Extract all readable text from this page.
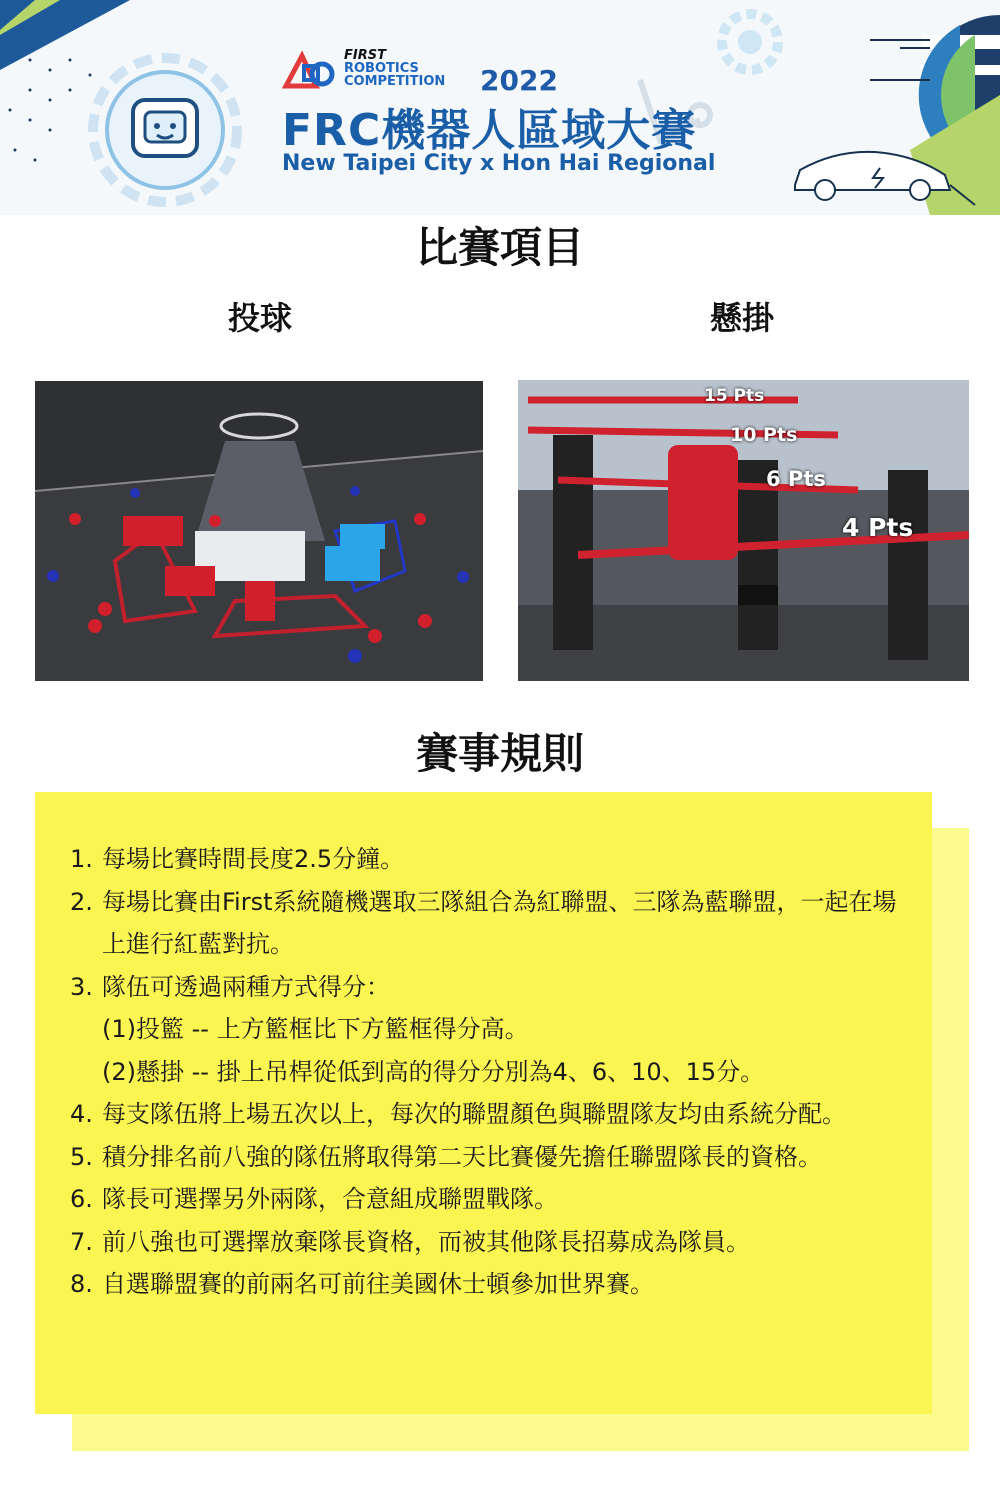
FIRST
ROBOTICS
COMPETITION 2022
FRC機器人區域大賽
New Taipei City x Hon Hai Regional
比賽項目
投球	懸掛
15 Pts
10 Pts
6 Pts
4 Pts
賽事規則
1. 每場比賽時間長度2.5分鐘。
2. 每場比賽由First系統隨機選取三隊組合為紅聯盟、三隊為藍聯盟，一起在場上進行紅藍對抗。
3. 隊伍可透過兩種方式得分：
(1)投籃 -- 上方籃框比下方籃框得分高。
(2)懸掛 -- 掛上吊桿從低到高的得分分別為4、6、10、15分。
4. 每支隊伍將上場五次以上，每次的聯盟顏色與聯盟隊友均由系統分配。
5. 積分排名前八強的隊伍將取得第二天比賽優先擔任聯盟隊長的資格。
6. 隊長可選擇另外兩隊，合意組成聯盟戰隊。
7. 前八強也可選擇放棄隊長資格，而被其他隊長招募成為隊員。
8. 自選聯盟賽的前兩名可前往美國休士頓參加世界賽。
